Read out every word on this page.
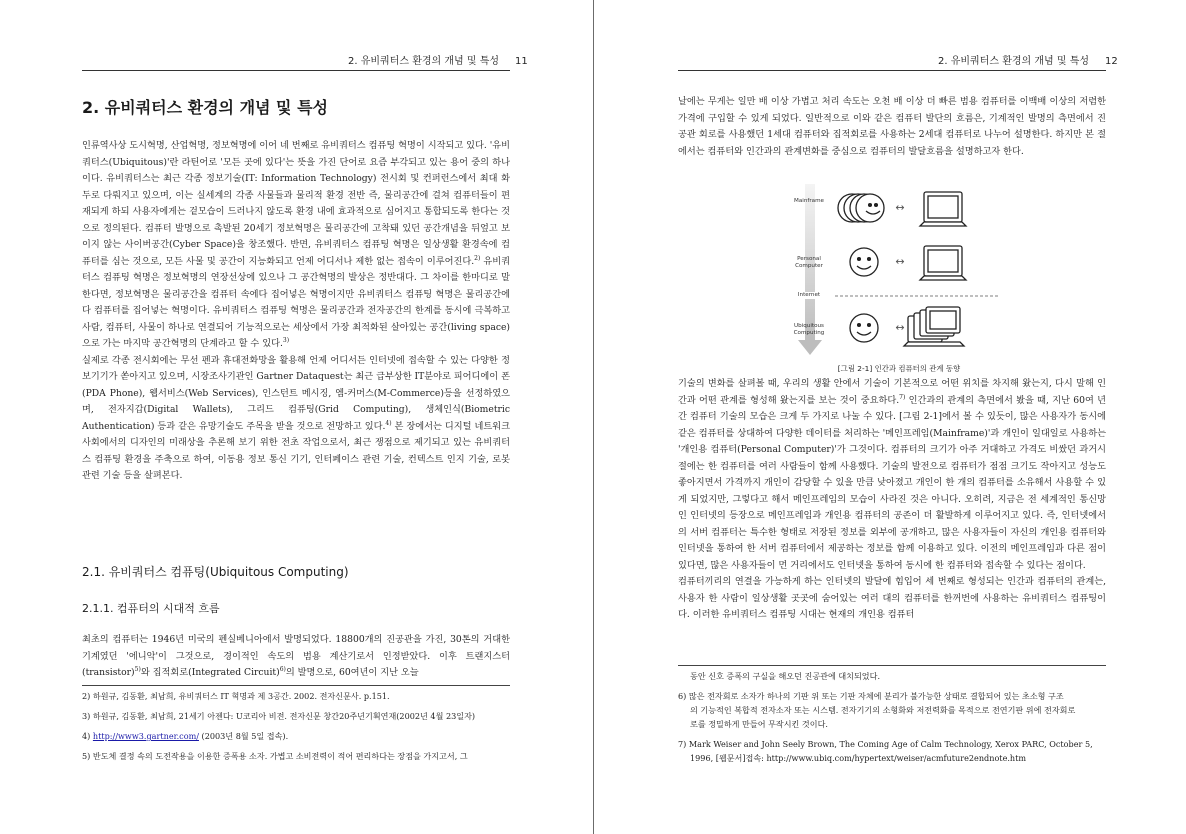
2. 유비쿼터스 환경의 개념 및 특성 11
2. 유비쿼터스 환경의 개념 및 특성

인류역사상 도시혁명, 산업혁명, 정보혁명에 이어 네 번째로 유비쿼터스 컴퓨팅 혁명이 시작되고 있다. '유비쿼터스(Ubiquitous)'란 라틴어로 '모든 곳에 있다'는 뜻을 가진 단어로 요즘 부각되고 있는 용어 중의 하나이다. 유비쿼터스는 최근 각종 정보기술(IT: Information Technology) 전시회 및 컨퍼런스에서 최대 화두로 다뤄지고 있으며, 이는 실세계의 각종 사물들과 물리적 환경 전반 즉, 물리공간에 걸쳐 컴퓨터들이 편재되게 하되 사용자에게는 겉모습이 드러나지 않도록 환경 내에 효과적으로 심어지고 통합되도록 한다는 것으로 정의된다. 컴퓨터 발명으로 촉발된 20세기 정보혁명은 물리공간에 고착돼 있던 공간개념을 뒤엎고 보이지 않는 사이버공간(Cyber Space)을 창조했다. 반면, 유비쿼터스 컴퓨팅 혁명은 일상생활 환경속에 컴퓨터를 심는 것으로, 모든 사물 및 공간이 지능화되고 언제 어디서나 제한 없는 접속이 이루어진다.$^{2)}$ 유비쿼터스 컴퓨팅 혁명은 정보혁명의 연장선상에 있으나 그 공간혁명의 발상은 정반대다. 그 차이를 한마디로 말한다면, 정보혁명은 물리공간을 컴퓨터 속에다 집어넣은 혁명이지만 유비쿼터스 컴퓨팅 혁명은 물리공간에다 컴퓨터를 집어넣는 혁명이다. 유비쿼터스 컴퓨팅 혁명은 물리공간과 전자공간의 한계를 동시에 극복하고 사람, 컴퓨터, 사물이 하나로 연결되어 기능적으로는 세상에서 가장 최적화된 살아있는 공간(living space)으로 가는 마지막 공간혁명의 단계라고 할 수 있다.$^{3)}$

실제로 각종 전시회에는 무선 펜과 휴대전화망을 활용해 언제 어디서든 인터넷에 접속할 수 있는 다양한 정보기기가 쏟아지고 있으며, 시장조사기관인 Gartner Dataquest는 최근 급부상한 IT분야로 피어디에이 폰(PDA Phone), 웹서비스(Web Services), 인스턴트 메시징, 엠-커머스(M-Commerce)등을 선정하였으며, 전자지갑(Digital Wallets), 그리드 컴퓨팅(Grid Computing), 생체인식(Biometric Authentication) 등과 같은 유망기술도 주목을 받을 것으로 전망하고 있다.$^{4)}$ 본 장에서는 디지털 네트워크 사회에서의 디자인의 미래상을 추론해 보기 위한 전초 작업으로서, 최근 쟁점으로 제기되고 있는 유비쿼터스 컴퓨팅 환경을 주축으로 하여, 이동용 정보 통신 기기, 인터페이스 관련 기술, 컨텍스트 인지 기술, 로봇 관련 기술 등을 살펴본다.

2.1. 유비쿼터스 컴퓨팅(Ubiquitous Computing)
2.1.1. 컴퓨터의 시대적 흐름

최초의 컴퓨터는 1946년 미국의 펜실베니아에서 발명되었다. 18800개의 진공관을 가진, 30톤의 거대한 기계였던 '에니악'이 그것으로, 경이적인 속도의 범용 계산기로서 인정받았다. 이후 트랜지스터(transistor)$^{5)}$와 집적회로(Integrated Circuit)$^{6)}$의 발명으로, 60여년이 지난 오늘

2) 하원규, 김동환, 최남희, 유비쿼터스 IT 혁명과 제 3공간. 2002. 전자신문사. p.151.

3) 하원규, 김동환, 최남희, 21세기 아젠다: U코리아 비전. 전자신문 창간20주년기획연재(2002년 4월 23일자)

4) http://www3.gartner.com/ (2003년 8월 5일 접속).

5) 반도체 결정 속의 도전작용을 이용한 증폭용 소자. 가볍고 소비전력이 적어 편리하다는 장점을 가지고서, 그

2. 유비쿼터스 환경의 개념 및 특성 12
날에는 무게는 일만 배 이상 가볍고 처리 속도는 오천 배 이상 더 빠른 범용 컴퓨터를 이백배 이상의 저렴한 가격에 구입할 수 있게 되었다. 일반적으로 이와 같은 컴퓨터 발단의 흐름은, 기계적인 발명의 측면에서 진공관 회로를 사용했던 1세대 컴퓨터와 집적회로를 사용하는 2세대 컴퓨터로 나누어 설명한다. 하지만 본 절에서는 컴퓨터와 인간과의 관계변화를 중심으로 컴퓨터의 발달흐름을 설명하고자 한다.
Mainframe
Personal
Computer
Internet
Ubiquitous
Computing
↔
↔
↔
[그림 2-1] 인간과 컴퓨터의 관계 동향

기술의 변화를 살펴볼 때, 우리의 생활 안에서 기술이 기본적으로 어떤 위치를 차지해 왔는지, 다시 말해 인간과 어떤 관계를 형성해 왔는지를 보는 것이 중요하다.$^{7)}$ 인간과의 관계의 측면에서 봤을 때, 지난 60여 년간 컴퓨터 기술의 모습은 크게 두 가지로 나눌 수 있다. [그림 2-1]에서 볼 수 있듯이, 많은 사용자가 동시에 같은 컴퓨터를 상대하여 다양한 데이터를 처리하는 '메인프레임(Mainframe)'과 개인이 일대일로 사용하는 '개인용 컴퓨터(Personal Computer)'가 그것이다. 컴퓨터의 크기가 아주 거대하고 가격도 비쌌던 과거시절에는 한 컴퓨터를 여러 사람들이 함께 사용했다. 기술의 발전으로 컴퓨터가 점점 크기도 작아지고 성능도 좋아지면서 가격까지 개인이 감당할 수 있을 만큼 낮아졌고 개인이 한 개의 컴퓨터를 소유해서 사용할 수 있게 되었지만, 그렇다고 해서 메인프레임의 모습이 사라진 것은 아니다. 오히려, 지금은 전 세계적인 통신망인 인터넷의 등장으로 메인프레임과 개인용 컴퓨터의 공존이 더 활발하게 이루어지고 있다. 즉, 인터넷에서의 서버 컴퓨터는 특수한 형태로 저장된 정보를 외부에 공개하고, 많은 사용자들이 자신의 개인용 컴퓨터와 인터넷을 통하여 한 서버 컴퓨터에서 제공하는 정보를 함께 이용하고 있다. 이전의 메인프레임과 다른 점이 있다면, 많은 사용자들이 먼 거리에서도 인터넷을 통하여 동시에 한 컴퓨터와 접속할 수 있다는 점이다.

컴퓨터끼리의 연결을 가능하게 하는 인터넷의 발달에 힘입어 세 번째로 형성되는 인간과 컴퓨터의 관계는, 사용자 한 사람이 일상생활 곳곳에 숨어있는 여러 대의 컴퓨터를 한꺼번에 사용하는 유비쿼터스 컴퓨팅이다. 이러한 유비쿼터스 컴퓨팅 시대는 현재의 개인용 컴퓨터

동안 신호 증폭의 구실을 해오던 진공관에 대치되었다.

6) 많은 전자회로 소자가 하나의 기판 위 또는 기판 자체에 분리가 불가능한 상태로 결합되어 있는 초소형 구조

의 기능적인 복합적 전자소자 또는 시스템. 전자기기의 소형화와 저전력화를 목적으로 전연기판 위에 전자회로

로를 정밀하게 만들어 무작시킨 것이다.

7) Mark Weiser and John Seely Brown, The Coming Age of Calm Technology, Xerox PARC, October 5,

1996, [웹문서]접속: http://www.ubiq.com/hypertext/weiser/acmfuture2endnote.htm
